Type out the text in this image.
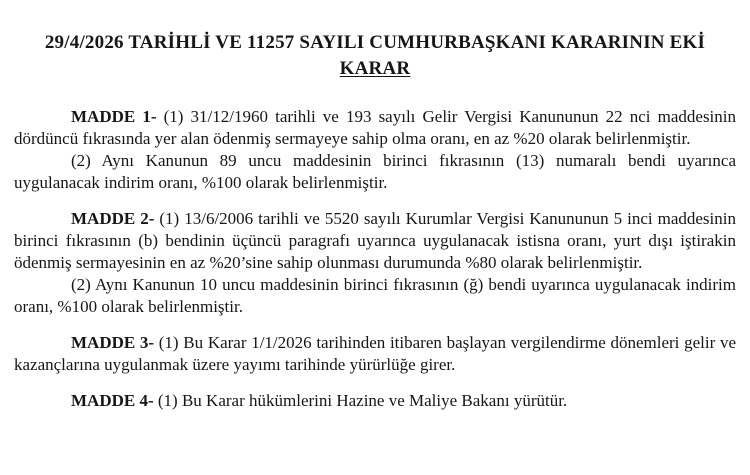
29/4/2026 TARİHLİ VE 11257 SAYILI CUMHURBAŞKANI KARARININ EKİ
KARAR

MADDE 1- (1) 31/12/1960 tarihli ve 193 sayılı Gelir Vergisi Kanununun 22 nci maddesinin dördüncü fıkrasında yer alan ödenmiş sermayeye sahip olma oranı, en az %20 olarak belirlenmiştir.

(2) Aynı Kanunun 89 uncu maddesinin birinci fıkrasının (13) numaralı bendi uyarınca uygulanacak indirim oranı, %100 olarak belirlenmiştir.

MADDE 2- (1) 13/6/2006 tarihli ve 5520 sayılı Kurumlar Vergisi Kanununun 5 inci maddesinin birinci fıkrasının (b) bendinin üçüncü paragrafı uyarınca uygulanacak istisna oranı, yurt dışı iştirakin ödenmiş sermayesinin en az %20’sine sahip olunması durumunda %80 olarak belirlenmiştir.

(2) Aynı Kanunun 10 uncu maddesinin birinci fıkrasının (ğ) bendi uyarınca uygulanacak indirim oranı, %100 olarak belirlenmiştir.

MADDE 3- (1) Bu Karar 1/1/2026 tarihinden itibaren başlayan vergilendirme dönemleri gelir ve kazançlarına uygulanmak üzere yayımı tarihinde yürürlüğe girer.

MADDE 4- (1) Bu Karar hükümlerini Hazine ve Maliye Bakanı yürütür.
